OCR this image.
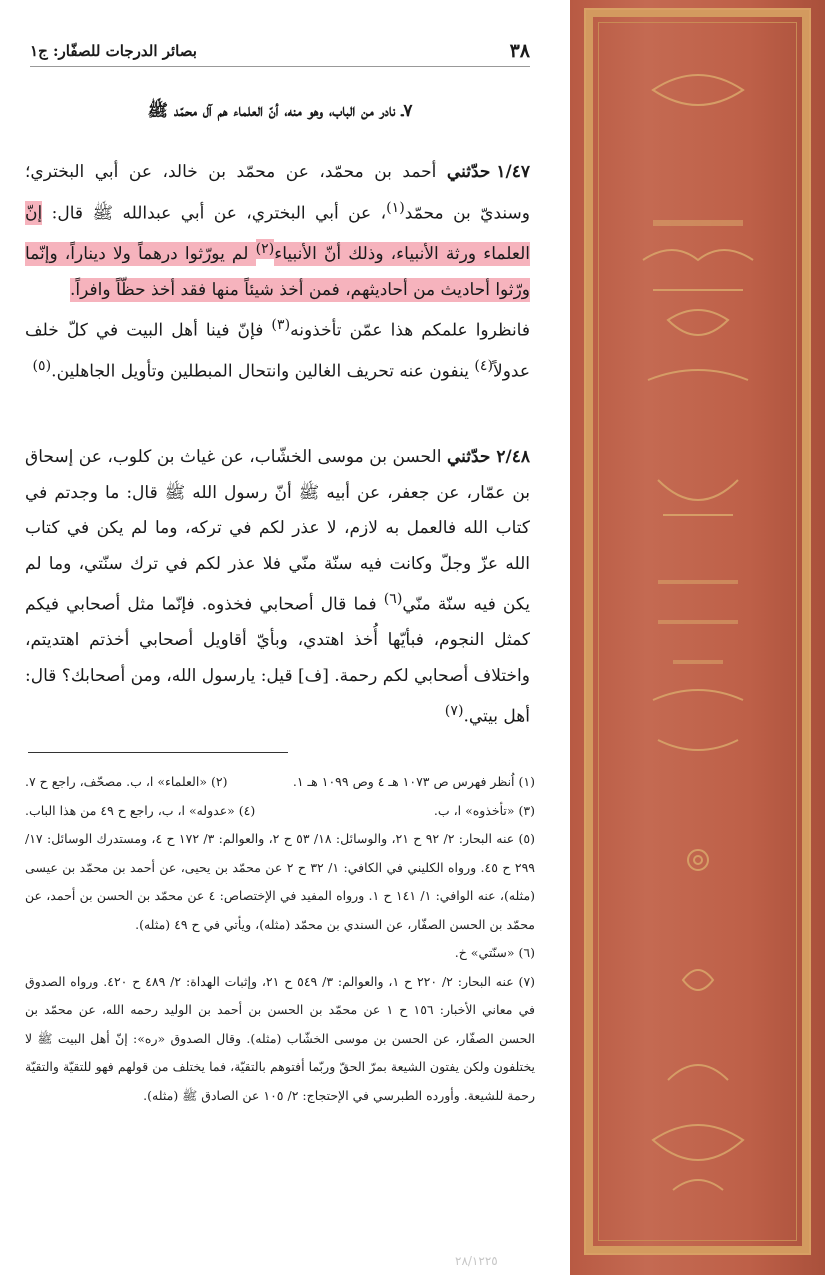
٣٨
بصائر الدرجات للصفّار: ج١
٧ـ نادر من الباب، وهو منه، أنّ العلماء هم آل محمّد ﷺ
١/٤٧حدّثني أحمد بن محمّد، عن محمّد بن خالد، عن أبي البختري؛ وسنديّ بن محمّد$^{(١)}$، عن أبي البختري، عن أبي عبدالله ﷺ قال: إنّ العلماء ورثة الأنبياء، وذلك أنّ الأنبياء$^{(٢)}$ لم يورّثوا درهماً ولا ديناراً، وإنّما ورّثوا أحاديث من أحاديثهم، فمن أخذ شيئاً منها فقد أخذ حظّاً وافراً.
فانظروا علمكم هذا عمّن تأخذونه$^{(٣)}$ فإنّ فينا أهل البيت في كلّ خلف عدولاً$^{(٤)}$ ينفون عنه تحريف الغالين وانتحال المبطلين وتأويل الجاهلين.$^{(٥)}$
٢/٤٨حدّثني الحسن بن موسى الخشّاب، عن غياث بن كلوب، عن إسحاق بن عمّار، عن جعفر، عن أبيه ﷺ أنّ رسول الله ﷺ قال: ما وجدتم في كتاب الله فالعمل به لازم، لا عذر لكم في تركه، وما لم يكن في كتاب الله عزّ وجلّ وكانت فيه سنّة منّي فلا عذر لكم في ترك سنّتي، وما لم يكن فيه سنّة منّي$^{(٦)}$ فما قال أصحابي فخذوه. فإنّما مثل أصحابي فيكم كمثل النجوم، فبأيّها أُخذ اهتدي، وبأيّ أقاويل أصحابي أخذتم اهتديتم، واختلاف أصحابي لكم رحمة. [ف] قيل: يارسول الله، ومن أصحابك؟ قال: أهل بيتي.$^{(٧)}$
(١) اُنظر فهرس ص ١٠٧٣ هـ ٤ وص ١٠٩٩ هـ ١.
(٢) «العلماء» ا، ب. مصحّف، راجع ح ٧.
(٣) «تأخذوه» ا، ب.
(٤) «عدوله» ا، ب، راجع ح ٤٩ من هذا الباب.
(٥) عنه البحار: ٢/ ٩٢ ح ٢١، والوسائل: ١٨/ ٥٣ ح ٢، والعوالم: ٣/ ١٧٢ ح ٤، ومستدرك الوسائل: ١٧/ ٢٩٩ ح ٤٥. ورواه الكليني في الكافي: ١/ ٣٢ ح ٢ عن محمّد بن يحيى، عن أحمد بن محمّد بن عيسى (مثله)، عنه الوافي: ١/ ١٤١ ح ١. ورواه المفيد في الإختصاص: ٤ عن محمّد بن الحسن بن أحمد، عن محمّد بن الحسن الصفّار، عن السندي بن محمّد (مثله)، ويأتي في ح ٤٩ (مثله).
(٦) «سنّتي» خ.
(٧) عنه البحار: ٢/ ٢٢٠ ح ١، والعوالم: ٣/ ٥٤٩ ح ٢١، وإثبات الهداة: ٢/ ٤٨٩ ح ٤٢٠. ورواه الصدوق في معاني الأخبار: ١٥٦ ح ١ عن محمّد بن الحسن بن أحمد بن الوليد رحمه الله، عن محمّد بن الحسن الصفّار، عن الحسن بن موسى الخشّاب (مثله). وقال الصدوق «ره»: إنّ أهل البيت ﷺ لا يختلفون ولكن يفتون الشيعة بمرّ الحقّ وربّما أفتوهم بالتقيّة، فما يختلف من قولهم فهو للتقيّة والتقيّة رحمة للشيعة. وأورده الطبرسي في الإحتجاج: ٢/ ١٠٥ عن الصادق ﷺ (مثله).
٢٨/١٢٢٥
